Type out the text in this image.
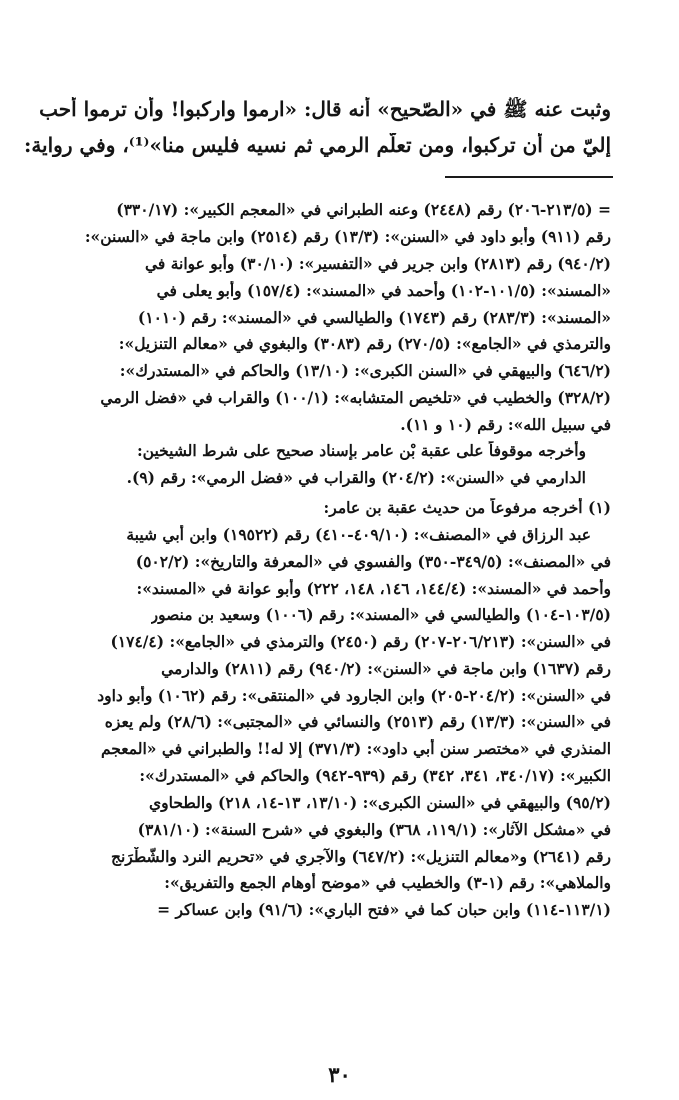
وثبت عنه ﷺ في «الصّحيح» أنه قال: «ارموا واركبوا! وأن ترموا أحب
إليّ من أن تركبوا، ومن تعلّم الرمي ثم نسيه فليس منا»⁽¹⁾، وفي رواية:
= (٢١٣/٥-٢٠٦) رقم (٢٤٤٨) وعنه الطبراني في «المعجم الكبير»: (٣٣٠/١٧)
رقم (٩١١) وأبو داود في «السنن»: (١٣/٣) رقم (٢٥١٤) وابن ماجة في «السنن»:
(٩٤٠/٢) رقم (٢٨١٣) وابن جرير في «التفسير»: (٣٠/١٠) وأبو عوانة في
«المسند»: (١٠١/٥-١٠٢) وأحمد في «المسند»: (١٥٧/٤) وأبو يعلى في
«المسند»: (٢٨٣/٣) رقم (١٧٤٣) والطيالسي في «المسند»: رقم (١٠١٠)
والترمذي في «الجامع»: (٢٧٠/٥) رقم (٣٠٨٣) والبغوي في «معالم التنزيل»:
(٦٤٦/٢) والبيهقي في «السنن الكبرى»: (١٣/١٠) والحاكم في «المستدرك»:
(٣٢٨/٢) والخطيب في «تلخيص المتشابه»: (١٠٠/١) والقراب في «فضل الرمي
في سبيل الله»: رقم (١٠ و ١١).
وأخرجه موقوفاً على عقبة بْن عامر بإسناد صحيح على شرط الشيخين:
الدارمي في «السنن»: (٢٠٤/٢) والقراب في «فضل الرمي»: رقم (٩).
(١) أخرجه مرفوعاً من حديث عقبة بن عامر:
عبد الرزاق في «المصنف»: (٤٠٩/١٠-٤١٠) رقم (١٩٥٢٢) وابن أبي شيبة
في «المصنف»: (٣٤٩/٥-٣٥٠) والفسوي في «المعرفة والتاريخ»: (٥٠٢/٢)
وأحمد في «المسند»: (١٤٤/٤، ١٤٦، ١٤٨، ٢٢٢) وأبو عوانة في «المسند»:
(١٠٣/٥-١٠٤) والطيالسي في «المسند»: رقم (١٠٠٦) وسعيد بن منصور
في «السنن»: (٢٠٦/٢١٣-٢٠٧) رقم (٢٤٥٠) والترمذي في «الجامع»: (١٧٤/٤)
رقم (١٦٣٧) وابن ماجة في «السنن»: (٩٤٠/٢) رقم (٢٨١١) والدارمي
في «السنن»: (٢٠٤/٢-٢٠٥) وابن الجارود في «المنتقى»: رقم (١٠٦٢) وأبو داود
في «السنن»: (١٣/٣) رقم (٢٥١٣) والنسائي في «المجتبى»: (٢٨/٦) ولم يعزه
المنذري في «مختصر سنن أبي داود»: (٣٧١/٣) إلا له!! والطبراني في «المعجم
الكبير»: (٣٤٠/١٧، ٣٤١، ٣٤٢) رقم (٩٣٩-٩٤٢) والحاكم في «المستدرك»:
(٩٥/٢) والبيهقي في «السنن الكبرى»: (١٣/١٠، ١٣-١٤، ٢١٨) والطحاوي
في «مشكل الآثار»: (١١٩/١، ٣٦٨) والبغوي في «شرح السنة»: (٣٨١/١٠)
رقم (٢٦٤١) و«معالم التنزيل»: (٦٤٧/٢) والآجري في «تحريم النرد والشّطْرَنج
والملاهي»: رقم (١-٣) والخطيب في «موضح أوهام الجمع والتفريق»:
(١١٣/١-١١٤) وابن حبان كما في «فتح الباري»: (٩١/٦) وابن عساكر =
٣٠
